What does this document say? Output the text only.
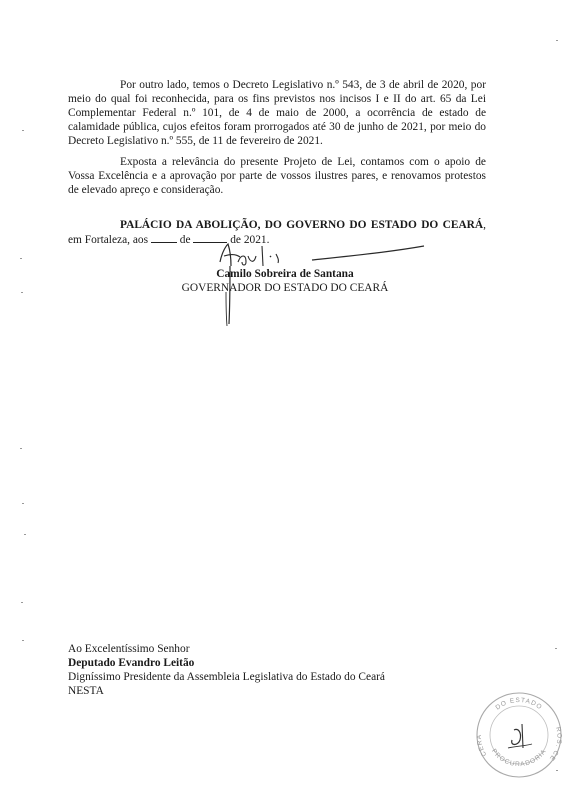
Por outro lado, temos o Decreto Legislativo n.º 543, de 3 de abril de 2020, por meio do qual foi reconhecida, para os fins previstos nos incisos I e II do art. 65 da Lei Complementar Federal n.º 101, de 4 de maio de 2000, a ocorrência de estado de calamidade pública, cujos efeitos foram prorrogados até 30 de junho de 2021, por meio do Decreto Legislativo n.º 555, de 11 de fevereiro de 2021.

Exposta a relevância do presente Projeto de Lei, contamos com o apoio de Vossa Excelência e a aprovação por parte de vossos ilustres pares, e renovamos protestos de elevado apreço e consideração.

PALÁCIO DA ABOLIÇÃO, DO GOVERNO DO ESTADO DO CEARÁ, em Fortaleza, aos	de	de 2021.

Camilo Sobreira de Santana
GOVERNADOR DO ESTADO DO CEARÁ
Ao Excelentíssimo Senhor
Deputado Evandro Leitão
Digníssimo Presidente da Assembleia Legislativa do Estado do Ceará
NESTA
DO ESTADO
PROCURADORIA
CERA
ROS. CE
